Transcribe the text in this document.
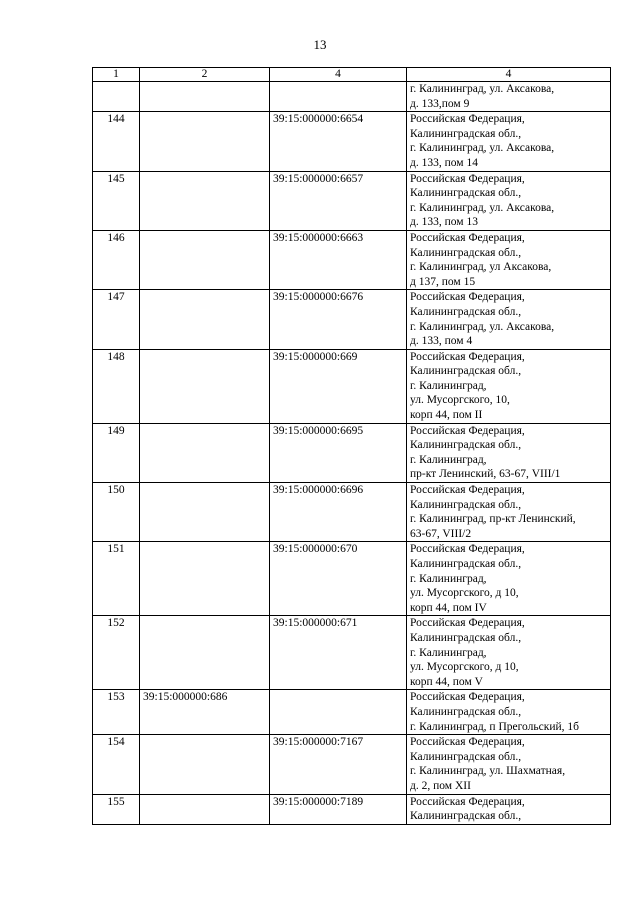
13
1	2	4	4

			г. Калининград, ул. Аксакова,
д. 133,пом 9

144		39:15:000000:6654	Российская Федерация,
Калининградская обл.,
г. Калининград, ул. Аксакова,
д. 133, пом 14

145		39:15:000000:6657	Российская Федерация,
Калининградская обл.,
г. Калининград, ул. Аксакова,
д. 133, пом 13

146		39:15:000000:6663	Российская Федерация,
Калининградская обл.,
г. Калининград, ул Аксакова,
д 137, пом 15

147		39:15:000000:6676	Российская Федерация,
Калининградская обл.,
г. Калининград, ул. Аксакова,
д. 133, пом 4

148		39:15:000000:669	Российская Федерация,
Калининградская обл.,
г. Калининград,
ул. Мусоргского, 10,
корп 44, пом II

149		39:15:000000:6695	Российская Федерация,
Калининградская обл.,
г. Калининград,
пр-кт Ленинский, 63-67, VIII/1

150		39:15:000000:6696	Российская Федерация,
Калининградская обл.,
г. Калининград, пр-кт Ленинский,
63-67, VIII/2

151		39:15:000000:670	Российская Федерация,
Калининградская обл.,
г. Калининград,
ул. Мусоргского, д 10,
корп 44, пом IV

152		39:15:000000:671	Российская Федерация,
Калининградская обл.,
г. Калининград,
ул. Мусоргского, д 10,
корп 44, пом V

153	39:15:000000:686		Российская Федерация,
Калининградская обл.,
г. Калининград, п Прегольский, 1б

154		39:15:000000:7167	Российская Федерация,
Калининградская обл.,
г. Калининград, ул. Шахматная,
д. 2, пом XII

155		39:15:000000:7189	Российская Федерация,
Калининградская обл.,
